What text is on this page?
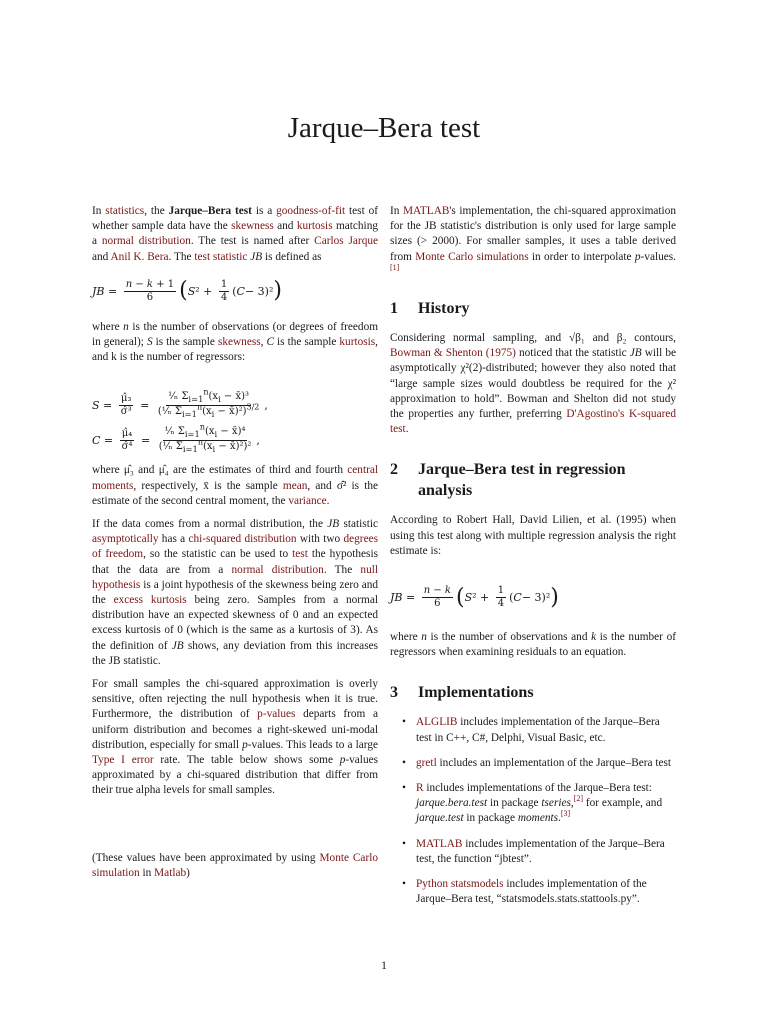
Jarque–Bera test

In statistics, the Jarque–Bera test is a goodness-of-fit test of whether sample data have the skewness and kurtosis matching a normal distribution. The test is named after Carlos Jarque and Anil K. Bera. The test statistic JB is defined as

JB = $\frac{n - k + 1}{6}$ ( S $^2 + \frac{1}{4}$ ( C − 3)² )

where n is the number of observations (or degrees of freedom in general); S is the sample skewness, C is the sample kurtosis, and k is the number of regressors:

$S = \frac{\text{μ̂₃}}{\text{σ̂³}} = \frac{^1⁄_n \Sigma_{i=1}^n(x_i - x̄)^3}{(^1⁄_n \Sigma_{i=1}^n(x_i - x̄)^2)^{3/2}}$ ,
$C = \frac{\text{μ̂₄}}{\text{σ̂⁴}} = \frac{^1⁄_n \Sigma_{i=1}^n(x_i - x̄)^4}{(^1⁄_n \Sigma_{i=1}^n(x_i - x̄)^2)^2}$ ,

where μ̂₃ and μ̂₄ are the estimates of third and fourth central moments, respectively, x̄ is the sample mean, and σ̂² is the estimate of the second central moment, the variance.

If the data comes from a normal distribution, the JB statistic asymptotically has a chi-squared distribution with two degrees of freedom, so the statistic can be used to test the hypothesis that the data are from a normal distribution. The null hypothesis is a joint hypothesis of the skewness being zero and the excess kurtosis being zero. Samples from a normal distribution have an expected skewness of 0 and an expected excess kurtosis of 0 (which is the same as a kurtosis of 3). As the definition of JB shows, any deviation from this increases the JB statistic.

For small samples the chi-squared approximation is overly sensitive, often rejecting the null hypothesis when it is true. Furthermore, the distribution of p-values departs from a uniform distribution and becomes a right-skewed uni-modal distribution, especially for small p-values. This leads to a large Type I error rate. The table below shows some p-values approximated by a chi-squared distribution that differ from their true alpha levels for small samples.

(These values have been approximated by using Monte Carlo simulation in Matlab)

In MATLAB's implementation, the chi-squared approximation for the JB statistic's distribution is only used for large sample sizes (> 2000). For smaller samples, it uses a table derived from Monte Carlo simulations in order to interpolate p-values.[1]

1	History

Considering normal sampling, and √β₁ and β₂ contours, Bowman & Shenton (1975) noticed that the statistic JB will be asymptotically χ²(2)-distributed; however they also noted that “large sample sizes would doubtless be required for the χ² approximation to hold”. Bowman and Shelton did not study the properties any further, preferring D'Agostino's K-squared test.

2	Jarque–Bera test in regression analysis

According to Robert Hall, David Lilien, et al. (1995) when using this test along with multiple regression analysis the right estimate is:

JB = $\frac{n - k}{6}$ ( S $^2 + \frac{1}{4}$ ( C − 3)² )

where n is the number of observations and k is the number of regressors when examining residuals to an equation.

3	Implementations
• ALGLIB includes implementation of the Jarque–Bera test in C++, C#, Delphi, Visual Basic, etc.
• gretl includes an implementation of the Jarque–Bera test
• R includes implementations of the Jarque–Bera test: jarque.bera.test in package tseries,[2] for example, and jarque.test in package moments.[3]
• MATLAB includes implementation of the Jarque–Bera test, the function “jbtest”.
• Python statsmodels includes implementation of the Jarque–Bera test, “statsmodels.stats.stattools.py”.
1
